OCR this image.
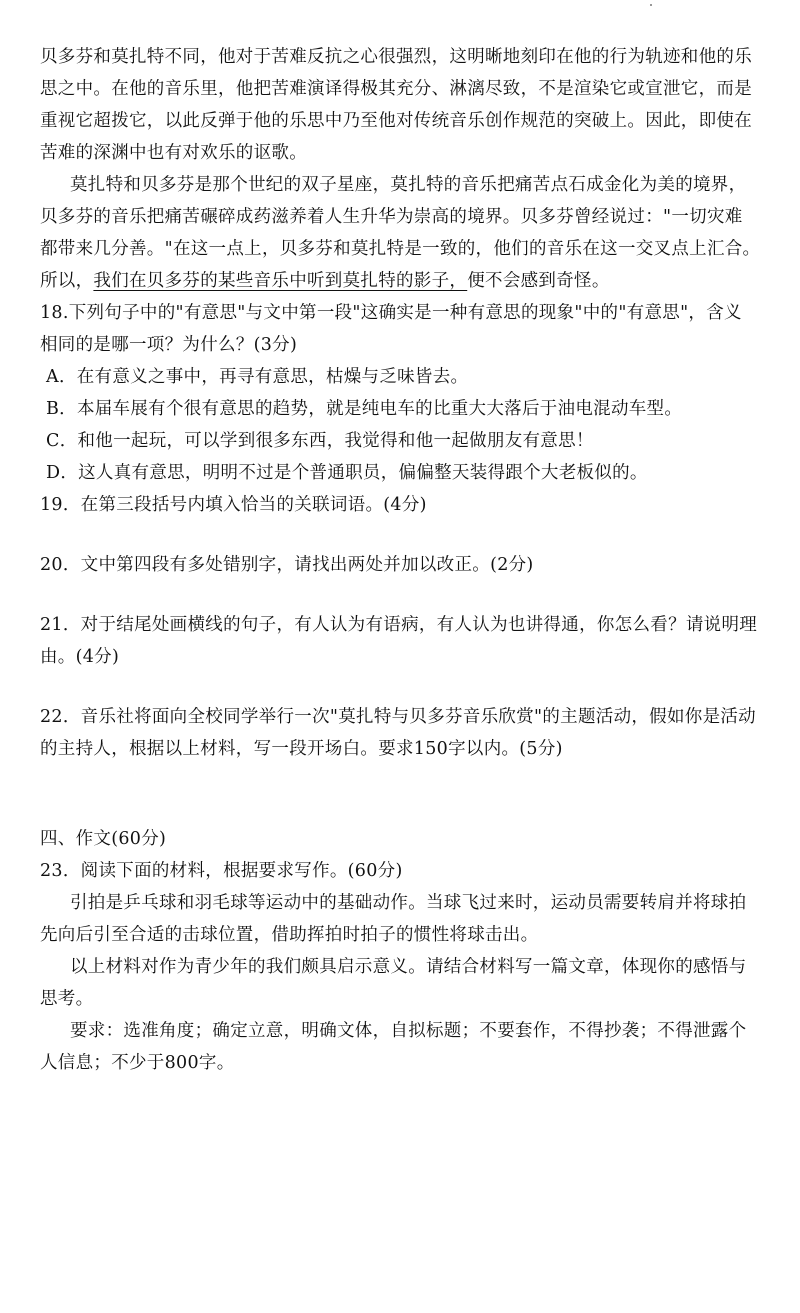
贝多芬和莫扎特不同，他对于苦难反抗之心很强烈，这明晰地刻印在他的行为轨迹和他的乐
思之中。在他的音乐里，他把苦难演译得极其充分、淋漓尽致，不是渲染它或宣泄它，而是
重视它超拨它，以此反弹于他的乐思中乃至他对传统音乐创作规范的突破上。因此，即使在
苦难的深渊中也有对欢乐的讴歌。
莫扎特和贝多芬是那个世纪的双子星座，莫扎特的音乐把痛苦点石成金化为美的境界，
贝多芬的音乐把痛苦碾碎成药滋养着人生升华为崇高的境界。贝多芬曾经说过："一切灾难
都带来几分善。"在这一点上，贝多芬和莫扎特是一致的，他们的音乐在这一交叉点上汇合。
所以，我们在贝多芬的某些音乐中听到莫扎特的影子，便不会感到奇怪。
18.下列句子中的"有意思"与文中第一段"这确实是一种有意思的现象"中的"有意思"，含义
相同的是哪一项？为什么？(3分)
A．在有意义之事中，再寻有意思，枯燥与乏味皆去。
B．本届车展有个很有意思的趋势，就是纯电车的比重大大落后于油电混动车型。
C．和他一起玩，可以学到很多东西，我觉得和他一起做朋友有意思！
D．这人真有意思，明明不过是个普通职员，偏偏整天装得跟个大老板似的。
19．在第三段括号内填入恰当的关联词语。(4分)
20．文中第四段有多处错别字，请找出两处并加以改正。(2分)
21．对于结尾处画横线的句子，有人认为有语病，有人认为也讲得通，你怎么看？请说明理
由。(4分)
22．音乐社将面向全校同学举行一次"莫扎特与贝多芬音乐欣赏"的主题活动，假如你是活动
的主持人，根据以上材料，写一段开场白。要求150字以内。(5分)
四、作文(60分)
23．阅读下面的材料，根据要求写作。(60分)
引拍是乒乓球和羽毛球等运动中的基础动作。当球飞过来时，运动员需要转肩并将球拍
先向后引至合适的击球位置，借助挥拍时拍子的惯性将球击出。
以上材料对作为青少年的我们颇具启示意义。请结合材料写一篇文章，体现你的感悟与
思考。
要求：选准角度；确定立意，明确文体，自拟标题；不要套作，不得抄袭；不得泄露个
人信息；不少于800字。
